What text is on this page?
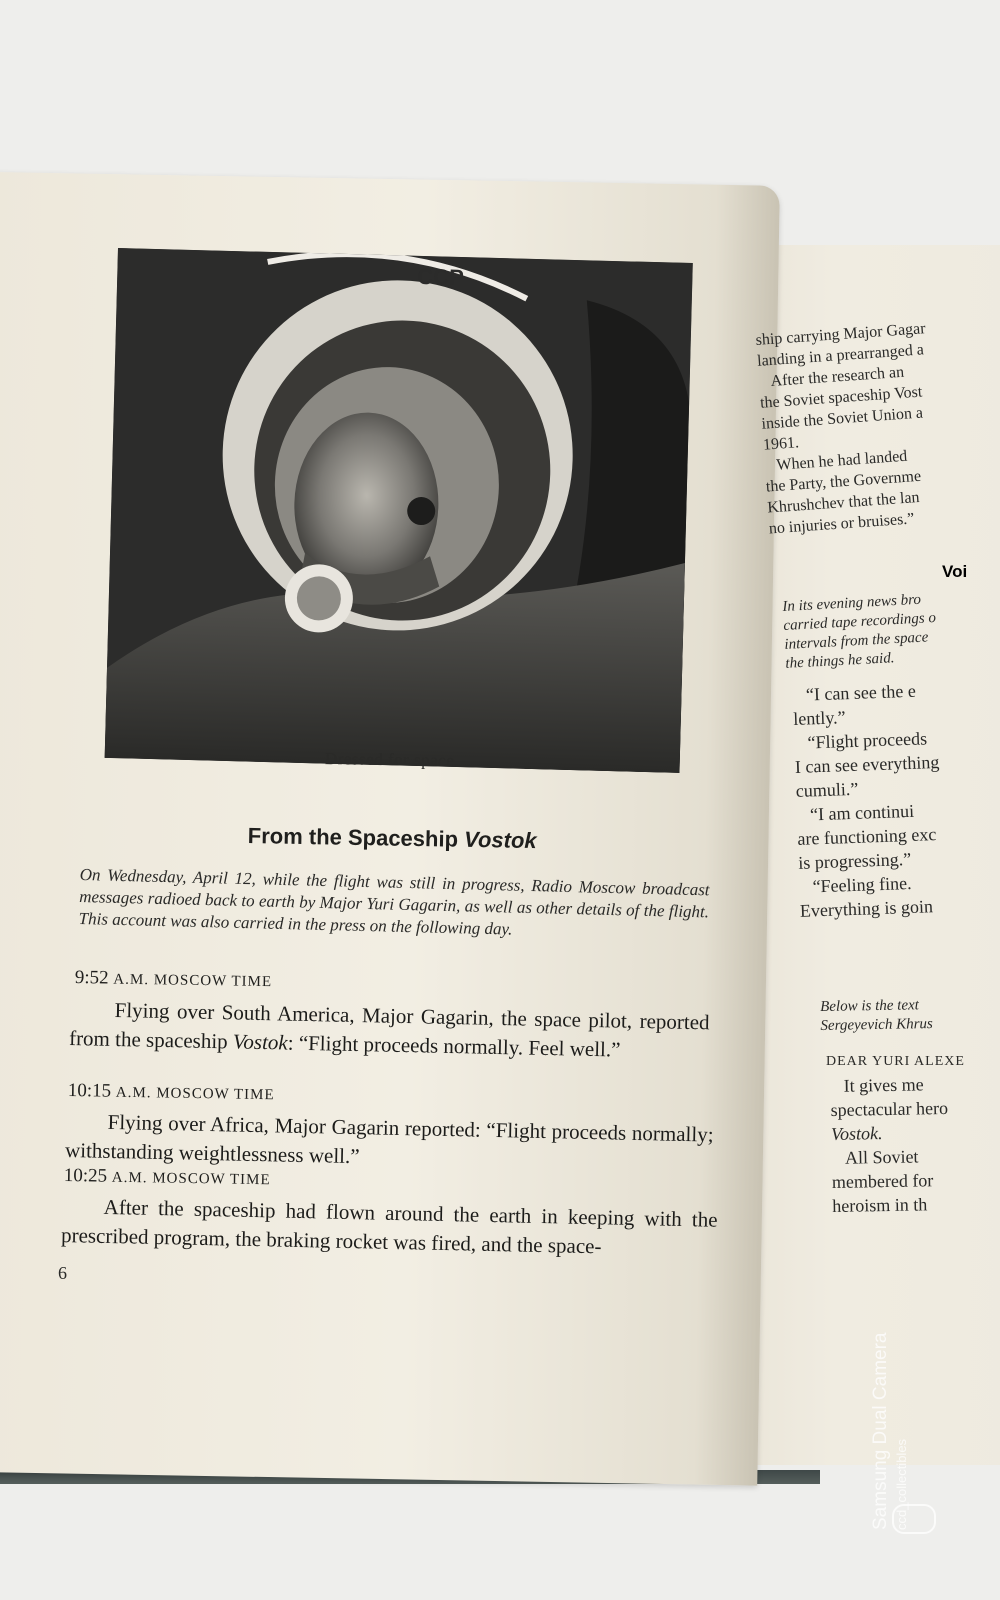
CCP
Dressed for space.
From the Spaceship Vostok
On Wednesday, April 12, while the flight was still in progress, Radio Moscow broadcast messages radioed back to earth by Major Yuri Gagarin, as well as other details of the flight. This account was also carried in the press on the following day.
9:52 A.M. MOSCOW TIME
Flying over South America, Major Gagarin, the space pilot, reported from the spaceship Vostok: “Flight proceeds normally. Feel well.”
10:15 A.M. MOSCOW TIME
Flying over Africa, Major Gagarin reported: “Flight proceeds normally; withstanding weightlessness well.”
10:25 A.M. MOSCOW TIME
After the spaceship had flown around the earth in keeping with the prescribed program, the braking rocket was fired, and the space-
6
ship carrying Major Gagar
landing in a prearranged a
After the research an
the Soviet spaceship Vost
inside the Soviet Union a
1961.
When he had landed
the Party, the Governme
Khrushchev that the lan
no injuries or bruises.”
Voi
In its evening news bro
carried tape recordings o
intervals from the space
the things he said.
“I can see the e
lently.”
“Flight proceeds
I can see everything
cumuli.”
“I am continui
are functioning exc
is progressing.”
“Feeling fine.
Everything is goin
Below is the text
Sergeyevich Khrus
DEAR YURI ALEXE
It gives me
spectacular hero
Vostok.
All Soviet
membered for
heroism in th
Samsung Dual Camera ccd_collectibles
